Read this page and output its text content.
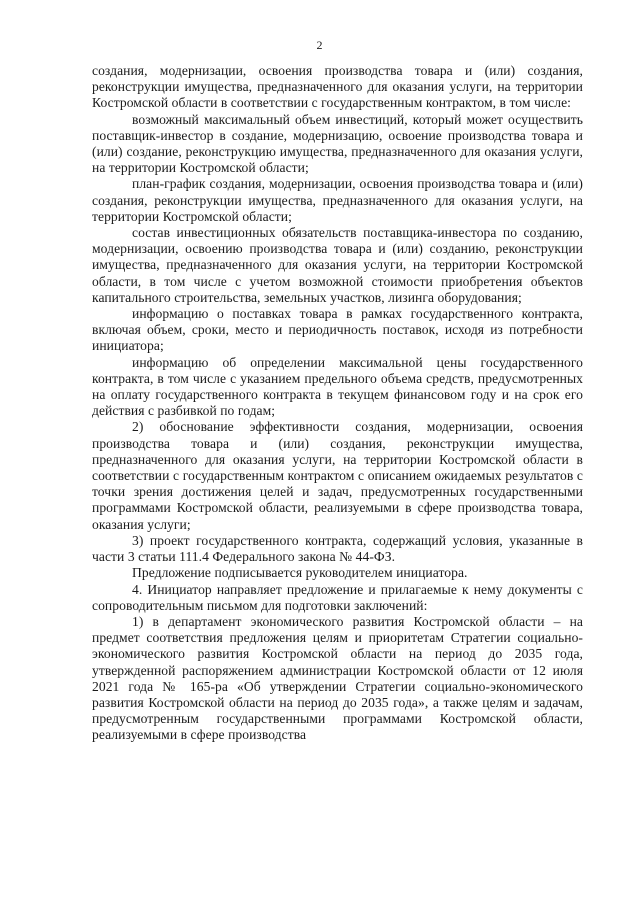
2

создания, модернизации, освоения производства товара и (или) создания, реконструкции имущества, предназначенного для оказания услуги, на территории Костромской области в соответствии с государственным контрактом, в том числе:

возможный максимальный объем инвестиций, который может осуществить поставщик-инвестор в создание, модернизацию, освоение производства товара и (или) создание, реконструкцию имущества, предназначенного для оказания услуги, на территории Костромской области;

план-график создания, модернизации, освоения производства товара и (или) создания, реконструкции имущества, предназначенного для оказания услуги, на территории Костромской области;

состав инвестиционных обязательств поставщика-инвестора по созданию, модернизации, освоению производства товара и (или) созданию, реконструкции имущества, предназначенного для оказания услуги, на территории Костромской области, в том числе с учетом возможной стоимости приобретения объектов капитального строительства, земельных участков, лизинга оборудования;

информацию о поставках товара в рамках государственного контракта, включая объем, сроки, место и периодичность поставок, исходя из потребности инициатора;

информацию об определении максимальной цены государственного контракта, в том числе с указанием предельного объема средств, предусмотренных на оплату государственного контракта в текущем финансовом году и на срок его действия с разбивкой по годам;

2) обоснование эффективности создания, модернизации, освоения производства товара и (или) создания, реконструкции имущества, предназначенного для оказания услуги, на территории Костромской области в соответствии с государственным контрактом с описанием ожидаемых результатов с точки зрения достижения целей и задач, предусмотренных государственными программами Костромской области, реализуемыми в сфере производства товара, оказания услуги;

3) проект государственного контракта, содержащий условия, указанные в части 3 статьи 111.4 Федерального закона № 44-ФЗ.

Предложение подписывается руководителем инициатора.

4. Инициатор направляет предложение и прилагаемые к нему документы с сопроводительным письмом для подготовки заключений:

1) в департамент экономического развития Костромской области – на предмет соответствия предложения целям и приоритетам Стратегии социально-экономического развития Костромской области на период до 2035 года, утвержденной распоряжением администрации Костромской области от 12 июля 2021 года № 165-ра «Об утверждении Стратегии социально-экономического развития Костромской области на период до 2035 года», а также целям и задачам, предусмотренным государственными программами Костромской области, реализуемыми в сфере производства
